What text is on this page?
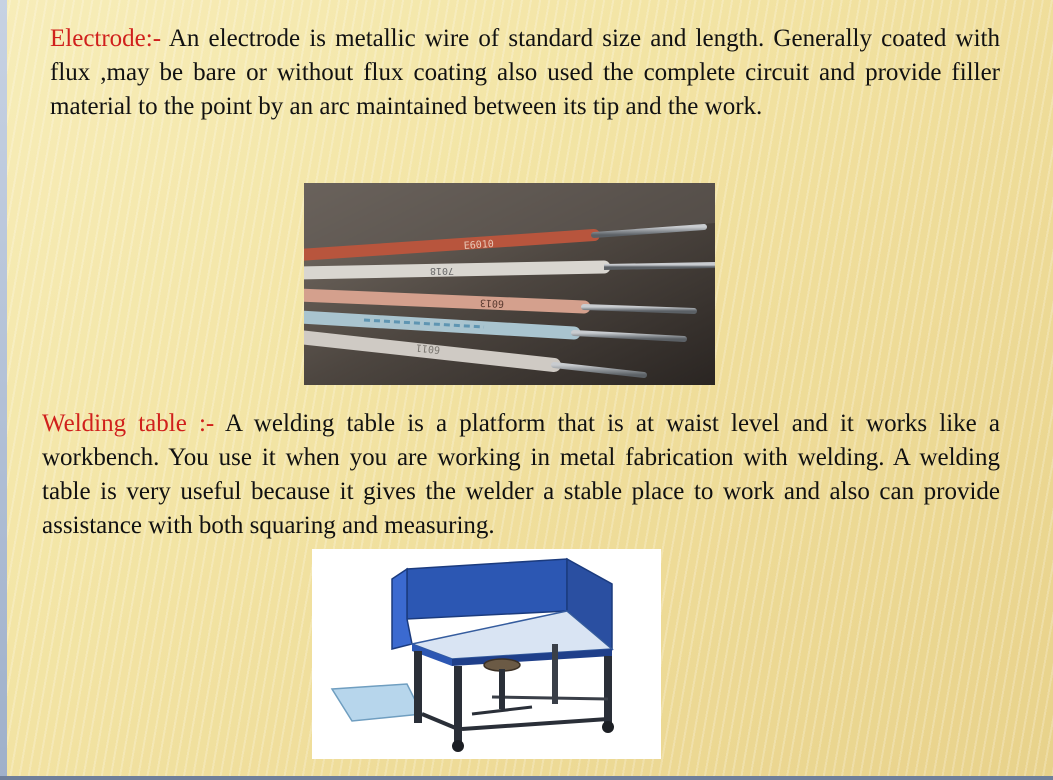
Electrode:- An electrode is metallic wire of standard size and length. Generally coated with flux ,may be bare or without flux coating also used the complete circuit and provide filler material to the point by an arc maintained between its tip and the work.

E6010
7018
6013
6011

Welding table :- A welding table is a platform that is at waist level and it works like a workbench. You use it when you are working in metal fabrication with welding. A welding table is very useful because it gives the welder a stable place to work and also can provide assistance with both squaring and measuring.
